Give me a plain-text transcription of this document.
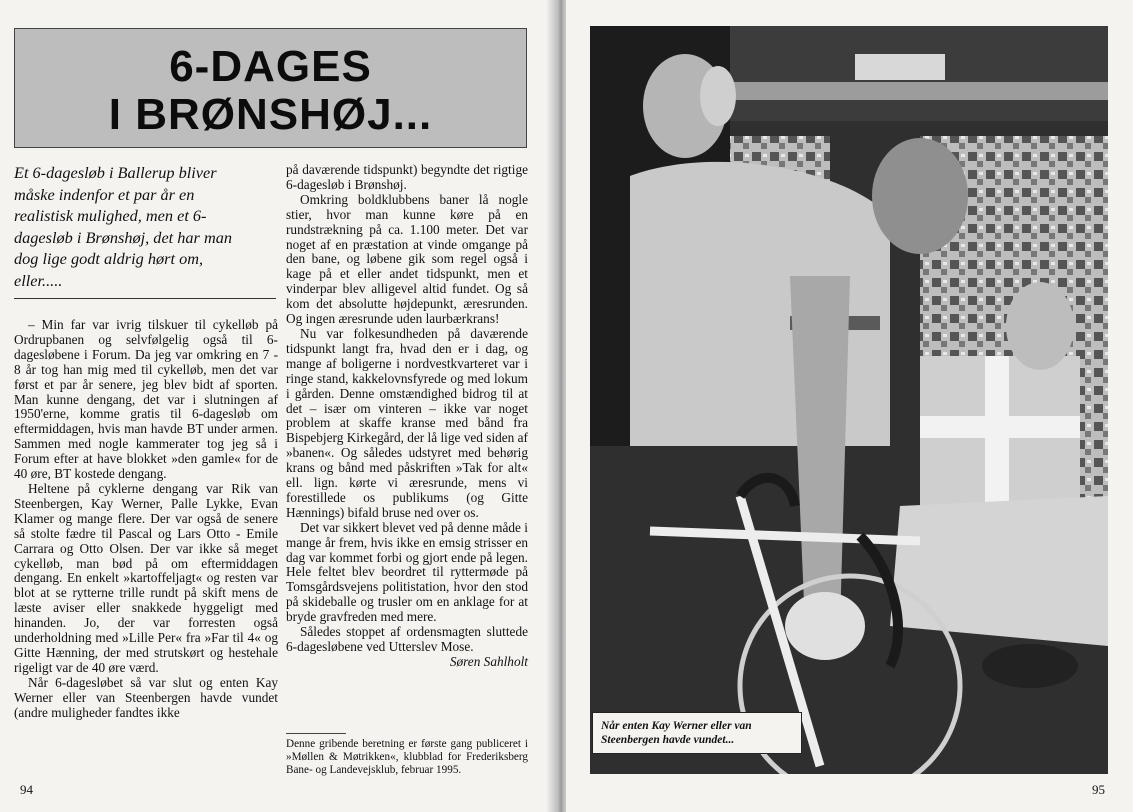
6-DAGES
I BRØNSHØJ...
Et 6-dagesløb i Ballerup bliver måske indenfor et par år en realistisk mulighed, men et 6-dagesløb i Brønshøj, det har man dog lige godt aldrig hørt om, eller.....

– Min far var ivrig tilskuer til cykelløb på Ordrupbanen og selvfølgelig også til 6-dagesløbene i Forum. Da jeg var omkring en 7 - 8 år tog han mig med til cykelløb, men det var først et par år senere, jeg blev bidt af sporten. Man kunne dengang, det var i slutningen af 1950'erne, komme gratis til 6-dagesløb om eftermiddagen, hvis man havde BT under armen. Sammen med nogle kammerater tog jeg så i Forum efter at have blokket »den gamle« for de 40 øre, BT kostede dengang.

Heltene på cyklerne dengang var Rik van Steenbergen, Kay Werner, Palle Lykke, Evan Klamer og mange flere. Der var også de senere så stolte fædre til Pascal og Lars Otto - Emile Carrara og Otto Olsen. Der var ikke så meget cykelløb, man bød på om eftermiddagen dengang. En enkelt »kartoffeljagt« og resten var blot at se rytterne trille rundt på skift mens de læste aviser eller snakkede hyggeligt med hinanden. Jo, der var forresten også underholdning med »Lille Per« fra »Far til 4« og Gitte Hænning, der med strutskørt og hestehale rigeligt var de 40 øre værd.

Når 6-dagesløbet så var slut og enten Kay Werner eller van Steenbergen havde vundet (andre muligheder fandtes ikke

på daværende tidspunkt) begyndte det rigtige 6-dagesløb i Brønshøj.

Omkring boldklubbens baner lå nogle stier, hvor man kunne køre på en rundstrækning på ca. 1.100 meter. Det var noget af en præstation at vinde omgange på den bane, og løbene gik som regel også i kage på et eller andet tidspunkt, men et vinderpar blev alligevel altid fundet. Og så kom det absolutte højdepunkt, æresrunden. Og ingen æresrunde uden laurbærkrans!

Nu var folkesundheden på daværende tidspunkt langt fra, hvad den er i dag, og mange af boligerne i nordvestkvarteret var i ringe stand, kakkelovnsfyrede og med lokum i gården. Denne omstændighed bidrog til at det – især om vinteren – ikke var noget problem at skaffe kranse med bånd fra Bispebjerg Kirkegård, der lå lige ved siden af »banen«. Og således udstyret med behørig krans og bånd med påskriften »Tak for alt« ell. lign. kørte vi æresrunde, mens vi forestillede os publikums (og Gitte Hænnings) bifald bruse ned over os.

Det var sikkert blevet ved på denne måde i mange år frem, hvis ikke en emsig strisser en dag var kommet forbi og gjort ende på legen. Hele feltet blev beordret til ryttermøde på Tomsgårdsvejens politistation, hvor den stod på skideballe og trusler om en anklage for at bryde gravfreden med mere.

Således stoppet af ordensmagten sluttede 6-dagesløbene ved Utterslev Mose.

Søren Sahlholt

Denne gribende beretning er første gang publiceret i »Møllen & Møtrikken«, klubblad for Frederiksberg Bane- og Landevejsklub, februar 1995.
94
Når enten Kay Werner eller van Steenbergen havde vundet...
95
